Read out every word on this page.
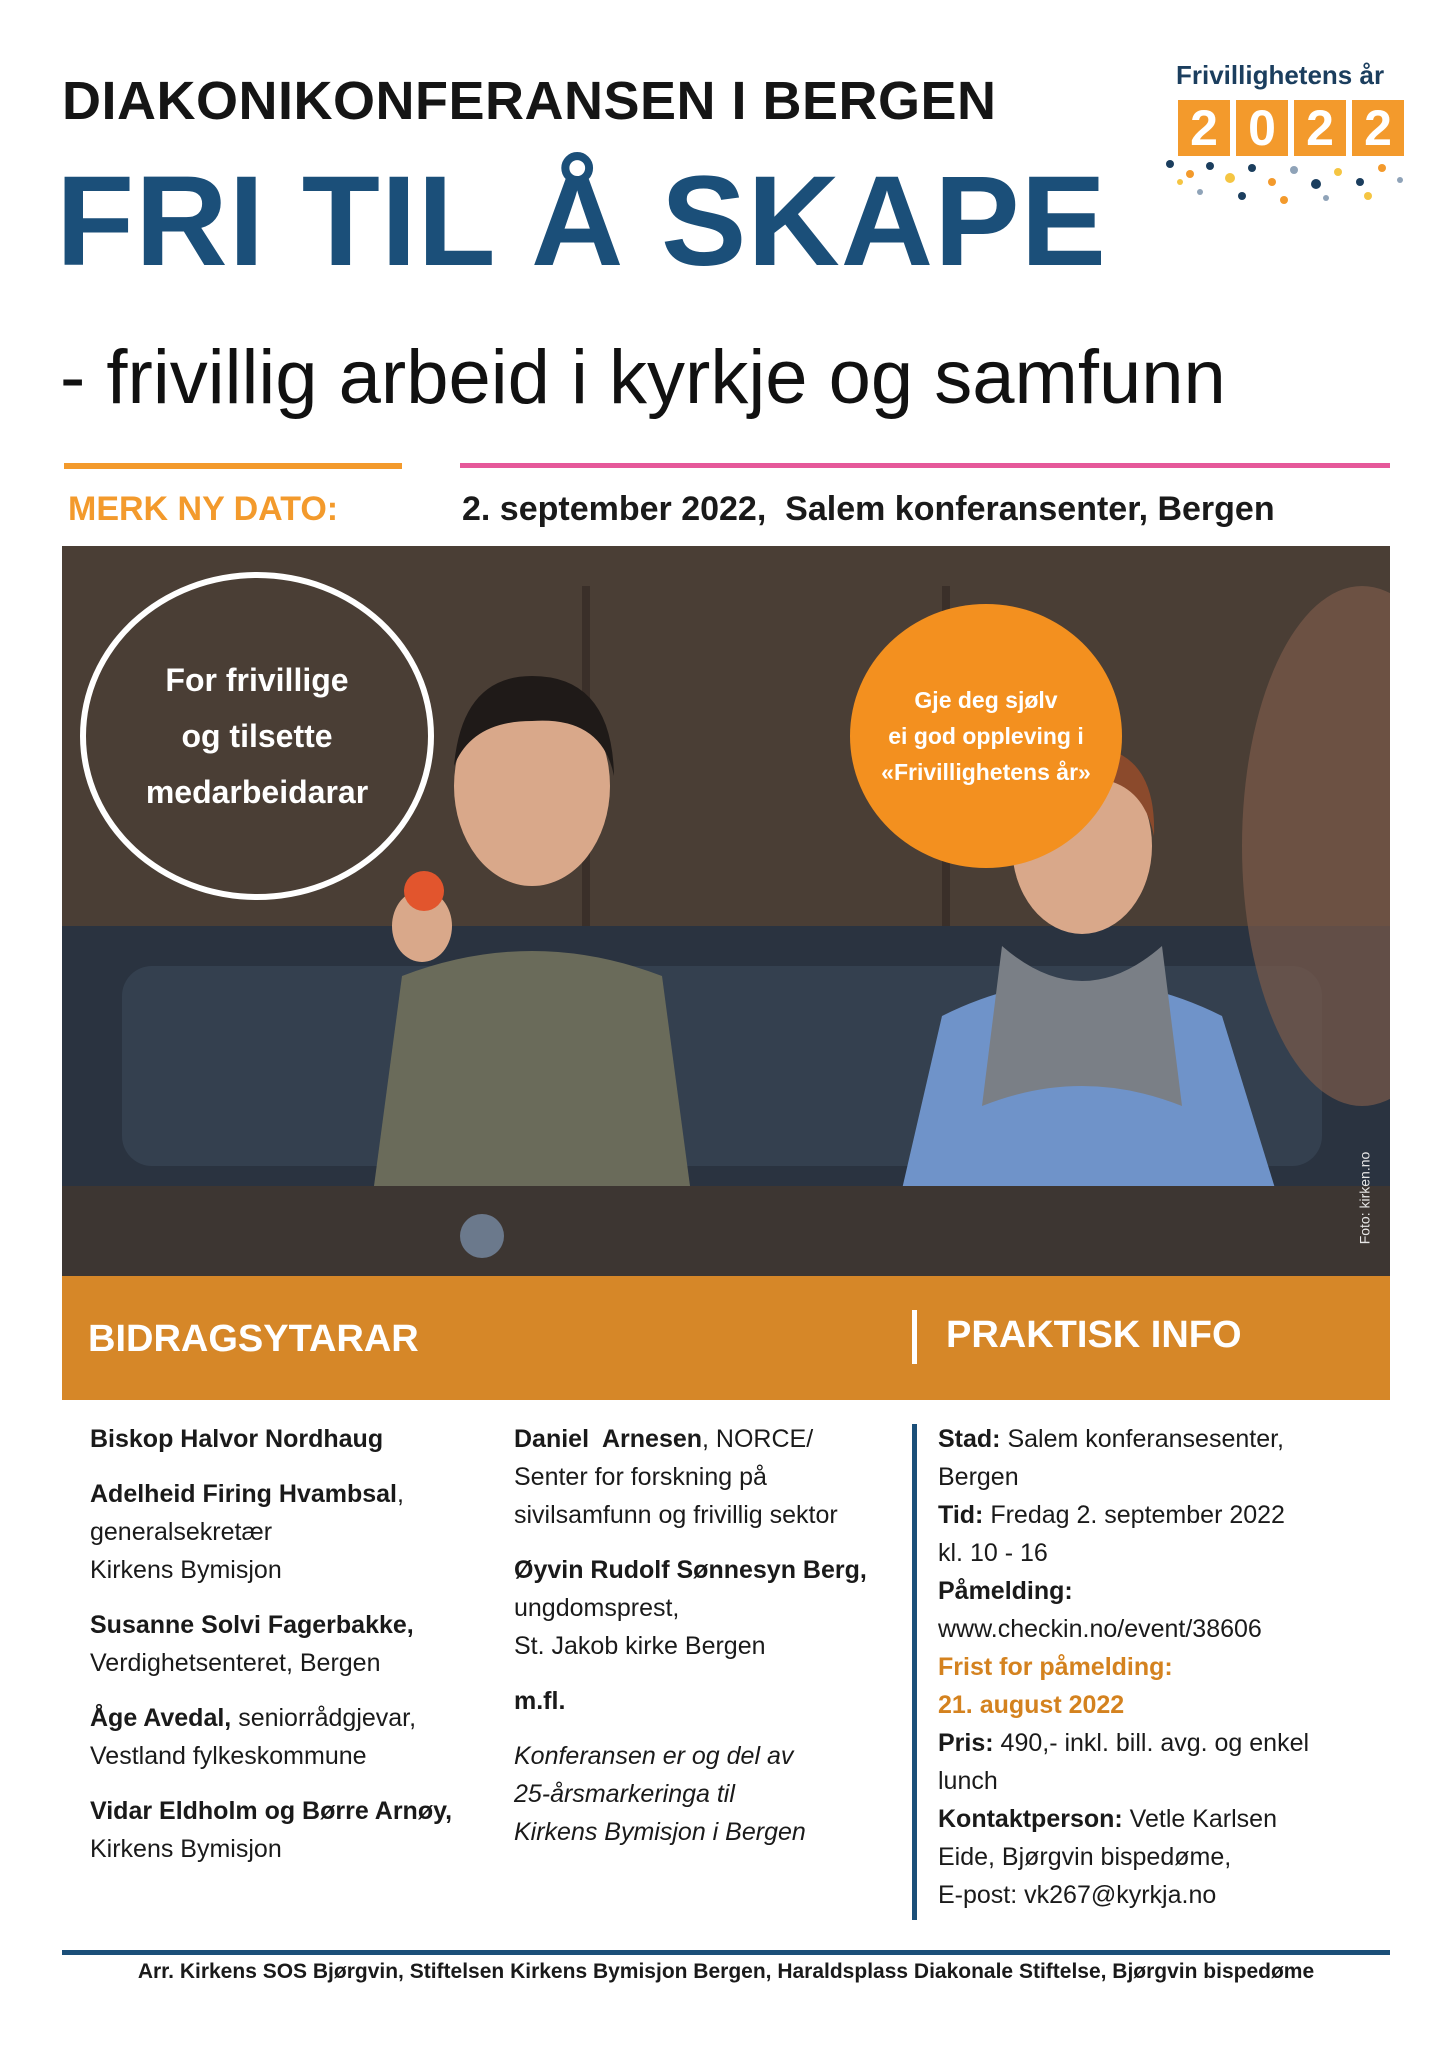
DIAKONIKONFERANSEN I BERGEN
FRI TIL Å SKAPE
- frivillig arbeid i kyrkje og samfunn
Frivillighetens år
2 0 2 2
MERK NY DATO:	2. september 2022,  Salem konferansenter, Bergen
For frivillige
og tilsette
medarbeidarar
Gje deg sjølv
ei god oppleving i
«Frivillighetens år»
Foto: kirken.no
BIDRAGSYTARAR	PRAKTISK INFO

Biskop Halvor Nordhaug

Adelheid Firing Hvambsal,
generalsekretær
Kirkens Bymisjon

Susanne Solvi Fagerbakke,
Verdighetsenteret, Bergen

Åge Avedal, seniorrådgjevar,
Vestland fylkeskommune

Vidar Eldholm og Børre Arnøy,
Kirkens Bymisjon

Daniel  Arnesen, NORCE/
Senter for forskning på
sivilsamfunn og frivillig sektor

Øyvin Rudolf Sønnesyn Berg,
ungdomsprest,
St. Jakob kirke Bergen

m.fl.

Konferansen er og del av
25-årsmarkeringa til
Kirkens Bymisjon i Bergen

Stad: Salem konferansesenter,
Bergen

Tid: Fredag 2. september 2022
kl. 10 - 16

Påmelding:
www.checkin.no/event/38606

Frist for påmelding:
21. august 2022

Pris: 490,- inkl. bill. avg. og enkel
lunch

Kontaktperson: Vetle Karlsen
Eide, Bjørgvin bispedøme,
E-post: vk267@kyrkja.no

Arr. Kirkens SOS Bjørgvin, Stiftelsen Kirkens Bymisjon Bergen, Haraldsplass Diakonale Stiftelse, Bjørgvin bispedøme
